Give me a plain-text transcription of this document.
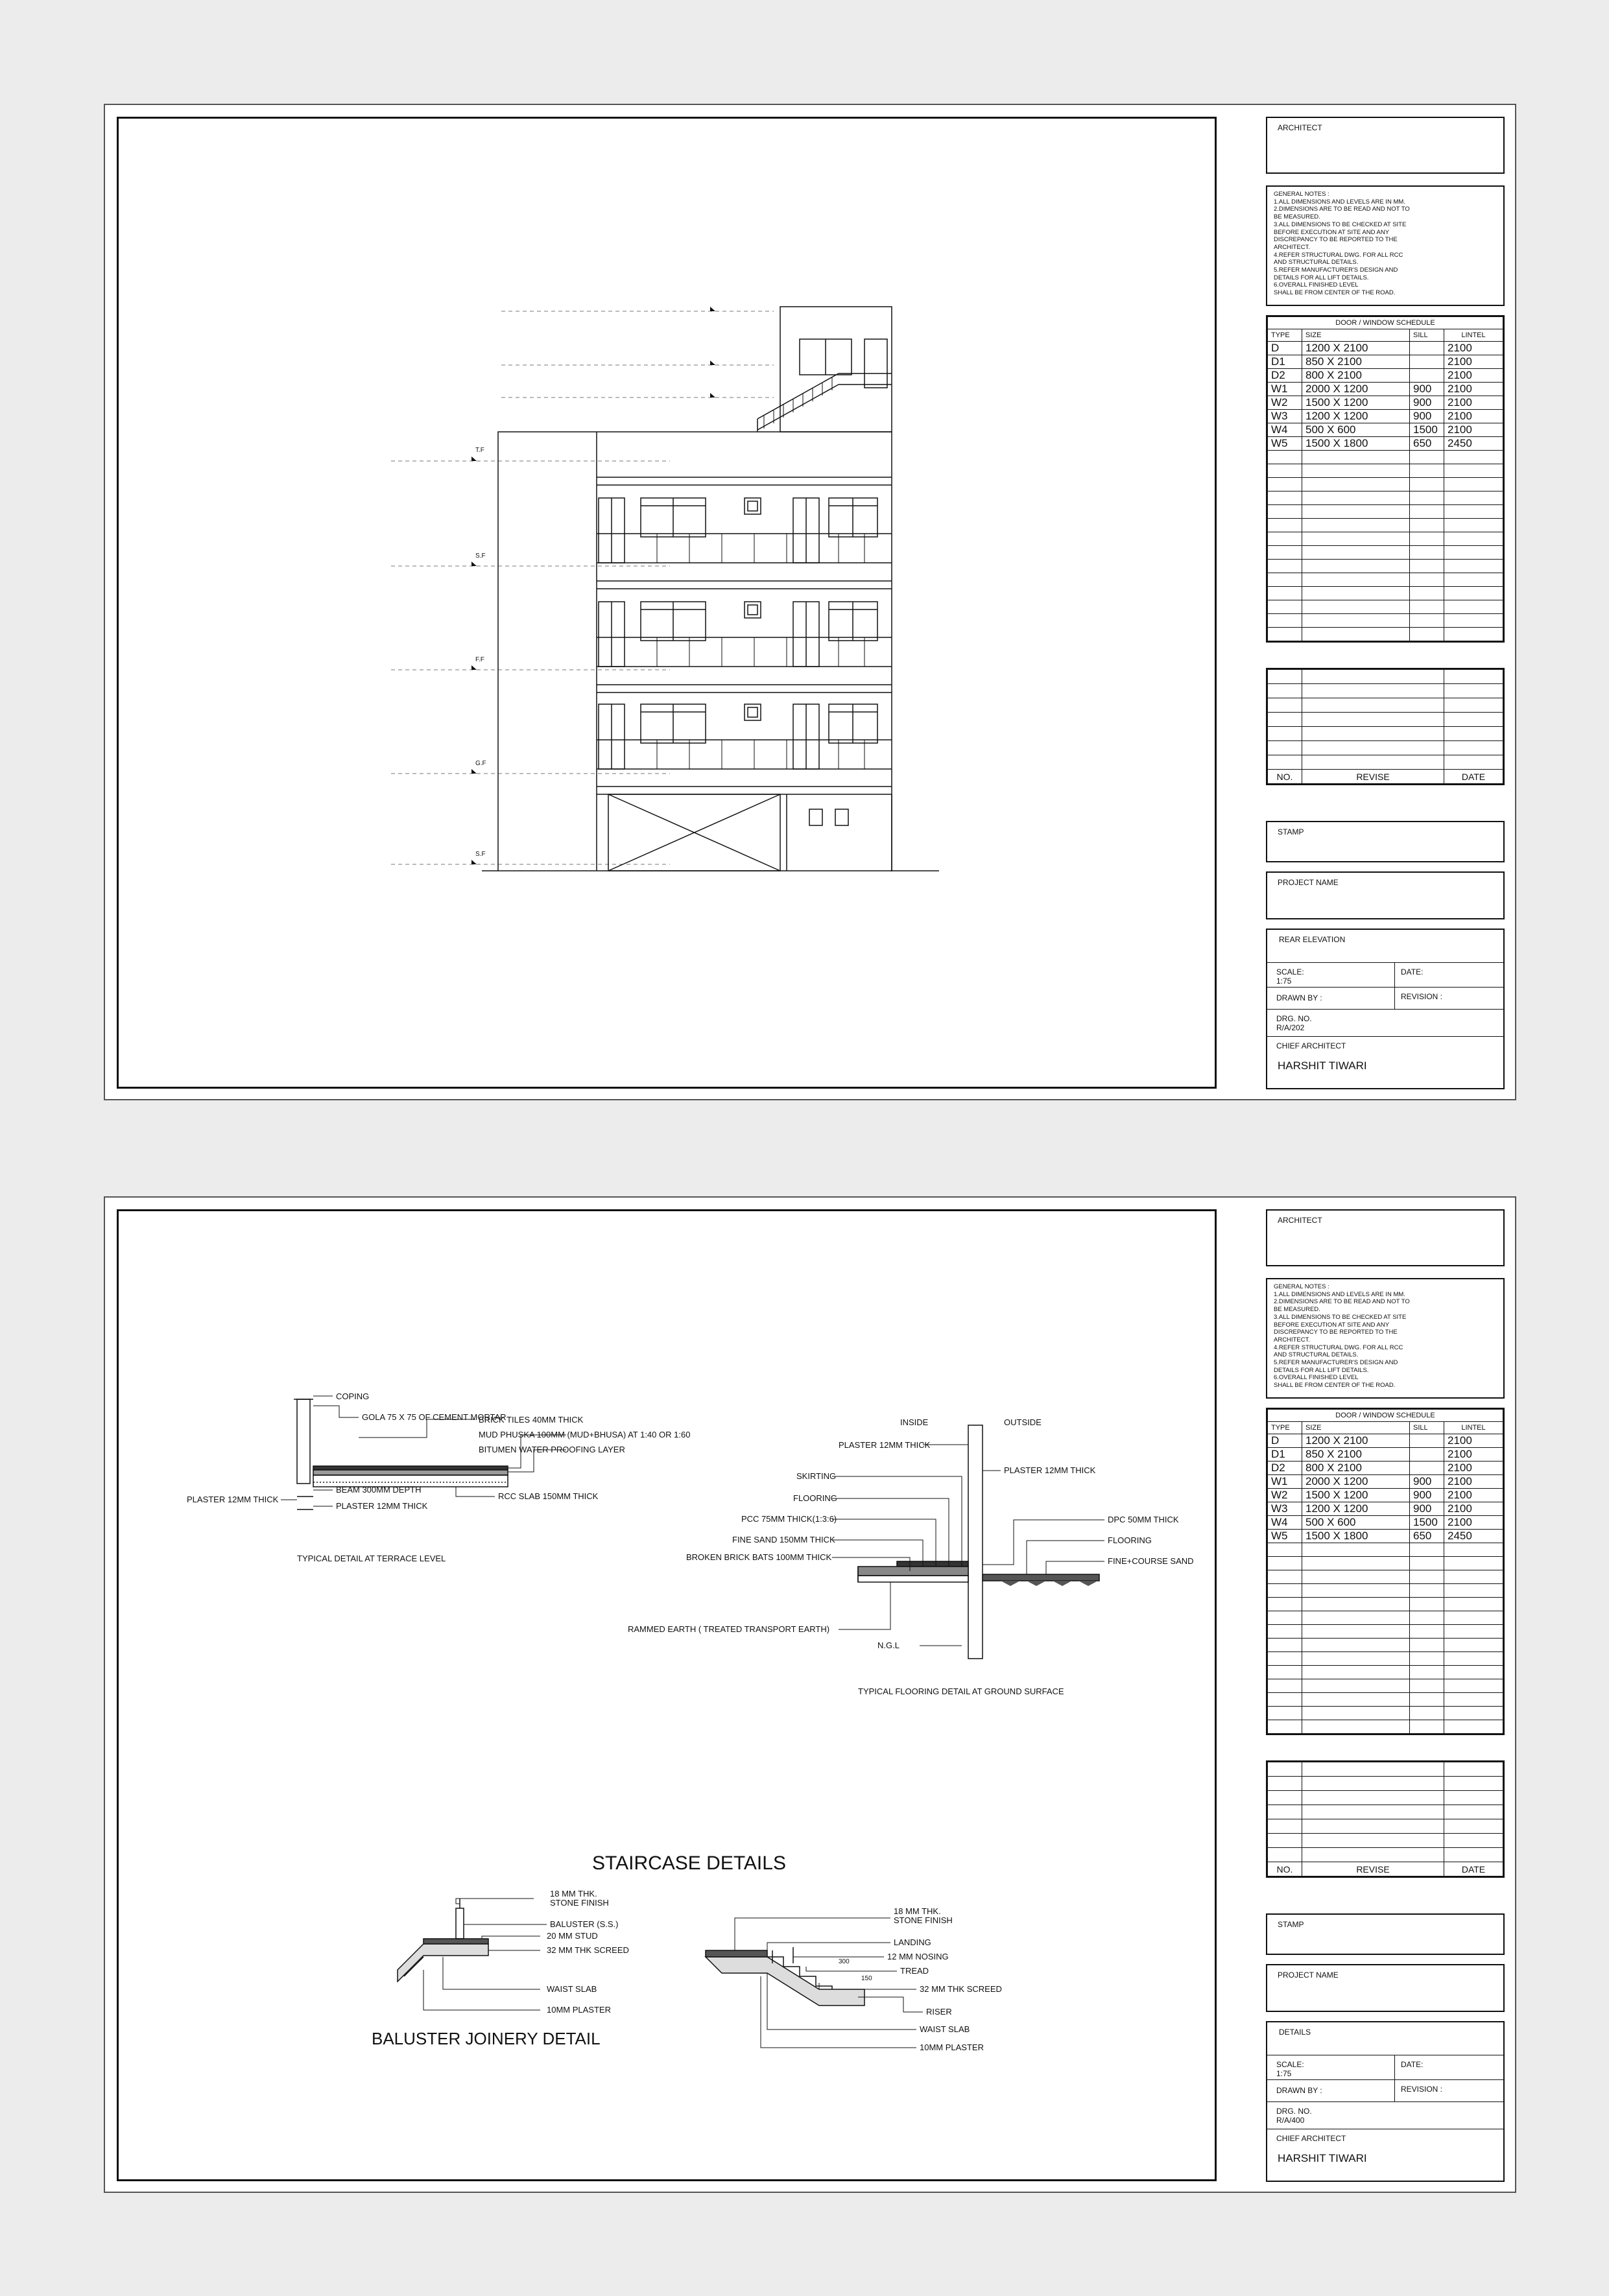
T.F
S.F
F.F
G.F
S.F
ARCHITECT
GENERAL NOTES :
1.ALL DIMENSIONS AND LEVELS ARE IN MM.
2.DIMENSIONS ARE TO BE READ AND NOT TO
BE MEASURED.
3.ALL DIMENSIONS TO BE CHECKED AT SITE
BEFORE EXECUTION AT SITE AND ANY
DISCREPANCY TO BE REPORTED TO THE
ARCHITECT.
4.REFER STRUCTURAL DWG. FOR ALL RCC
AND STRUCTURAL DETAILS.
5.REFER MANUFACTURER'S DESIGN AND
DETAILS FOR ALL LIFT DETAILS.
6.OVERALL FINISHED LEVEL
SHALL BE FROM CENTER OF THE ROAD.
DOOR / WINDOW SCHEDULE			
TYPE	SIZE	SILL	LINTEL
D	1200 X 2100		2100
D1	850 X 2100		2100
D2	800 X 2100		2100
W1	2000 X 1200	900	2100
W2	1500 X 1200	900	2100
W3	1200 X 1200	900	2100
W4	500 X 600	1500	2100
W5	1500 X 1800	650	2450

NO.	REVISE	DATE
STAMP
PROJECT NAME
REAR ELEVATION
SCALE:
1:75
DATE:
DRAWN BY :	REVISION :
DRG. NO.
R/A/202
CHIEF ARCHITECT
HARSHIT TIWARI
COPING
GOLA 75 X 75 OF CEMENT MORTAR
BRICK TILES 40MM THICK
MUD PHUSKA 100MM (MUD+BHUSA) AT 1:40 OR 1:60
BITUMEN WATER PROOFING LAYER
BEAM 300MM DEPTH
PLASTER 12MM THICK
PLASTER 12MM THICK
RCC SLAB 150MM THICK
TYPICAL DETAIL AT TERRACE LEVEL
INSIDE	OUTSIDE
PLASTER 12MM THICK
SKIRTING
PLASTER 12MM THICK
FLOORING
DPC 50MM THICK
PCC 75MM THICK(1:3:6)
FLOORING
FINE SAND 150MM THICK
FINE+COURSE SAND
BROKEN BRICK BATS 100MM THICK
RAMMED EARTH ( TREATED TRANSPORT EARTH)
N.G.L
TYPICAL FLOORING DETAIL AT GROUND SURFACE
STAIRCASE DETAILS
18 MM THK.
STONE FINISH
BALUSTER (S.S.)
20 MM STUD
32 MM THK SCREED
WAIST SLAB
10MM PLASTER
BALUSTER JOINERY DETAIL
18 MM THK.
STONE FINISH
LANDING
12 MM NOSING
TREAD
32 MM THK SCREED
RISER
WAIST SLAB
10MM PLASTER
300
150
ARCHITECT
GENERAL NOTES :
1.ALL DIMENSIONS AND LEVELS ARE IN MM.
2.DIMENSIONS ARE TO BE READ AND NOT TO
BE MEASURED.
3.ALL DIMENSIONS TO BE CHECKED AT SITE
BEFORE EXECUTION AT SITE AND ANY
DISCREPANCY TO BE REPORTED TO THE
ARCHITECT.
4.REFER STRUCTURAL DWG. FOR ALL RCC
AND STRUCTURAL DETAILS.
5.REFER MANUFACTURER'S DESIGN AND
DETAILS FOR ALL LIFT DETAILS.
6.OVERALL FINISHED LEVEL
SHALL BE FROM CENTER OF THE ROAD.
DOOR / WINDOW SCHEDULE			
TYPE	SIZE	SILL	LINTEL
D	1200 X 2100		2100
D1	850 X 2100		2100
D2	800 X 2100		2100
W1	2000 X 1200	900	2100
W2	1500 X 1200	900	2100
W3	1200 X 1200	900	2100
W4	500 X 600	1500	2100
W5	1500 X 1800	650	2450

NO.	REVISE	DATE
STAMP
PROJECT NAME
DETAILS
SCALE:
1:75
DATE:
DRAWN BY :	REVISION :
DRG. NO.
R/A/400
CHIEF ARCHITECT
HARSHIT TIWARI
